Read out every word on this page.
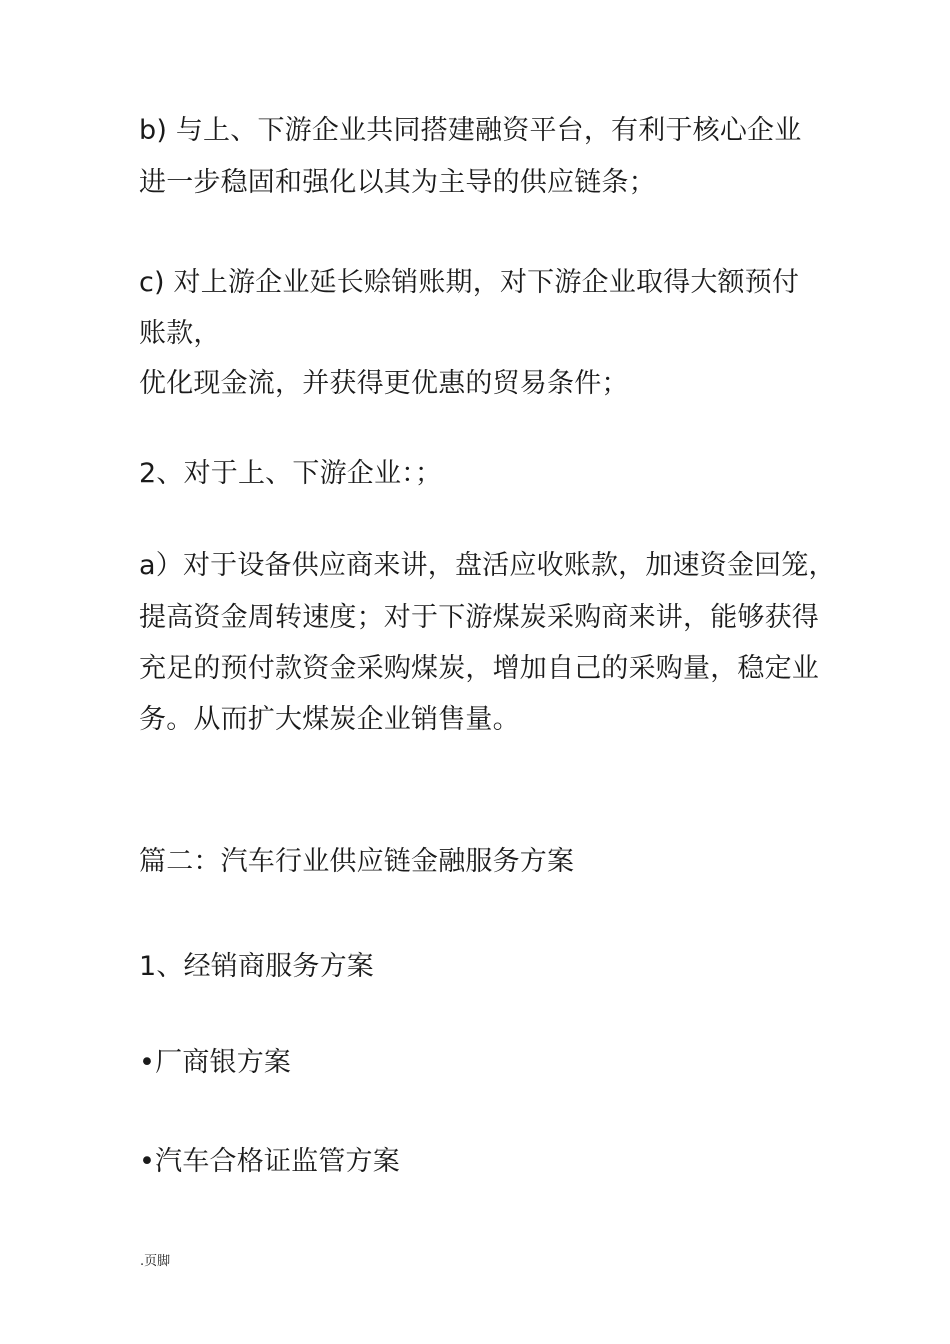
b) 与上、下游企业共同搭建融资平台，有利于核心企业
进一步稳固和强化以其为主导的供应链条；
c) 对上游企业延长赊销账期，对下游企业取得大额预付
账款，
优化现金流，并获得更优惠的贸易条件；
2、对于上、下游企业：；
a）对于设备供应商来讲，盘活应收账款，加速资金回笼，
提高资金周转速度；对于下游煤炭采购商来讲，能够获得
充足的预付款资金采购煤炭，增加自己的采购量，稳定业
务。从而扩大煤炭企业销售量。
篇二：汽车行业供应链金融服务方案
1、经销商服务方案
•厂商银方案
•汽车合格证监管方案
.页脚
